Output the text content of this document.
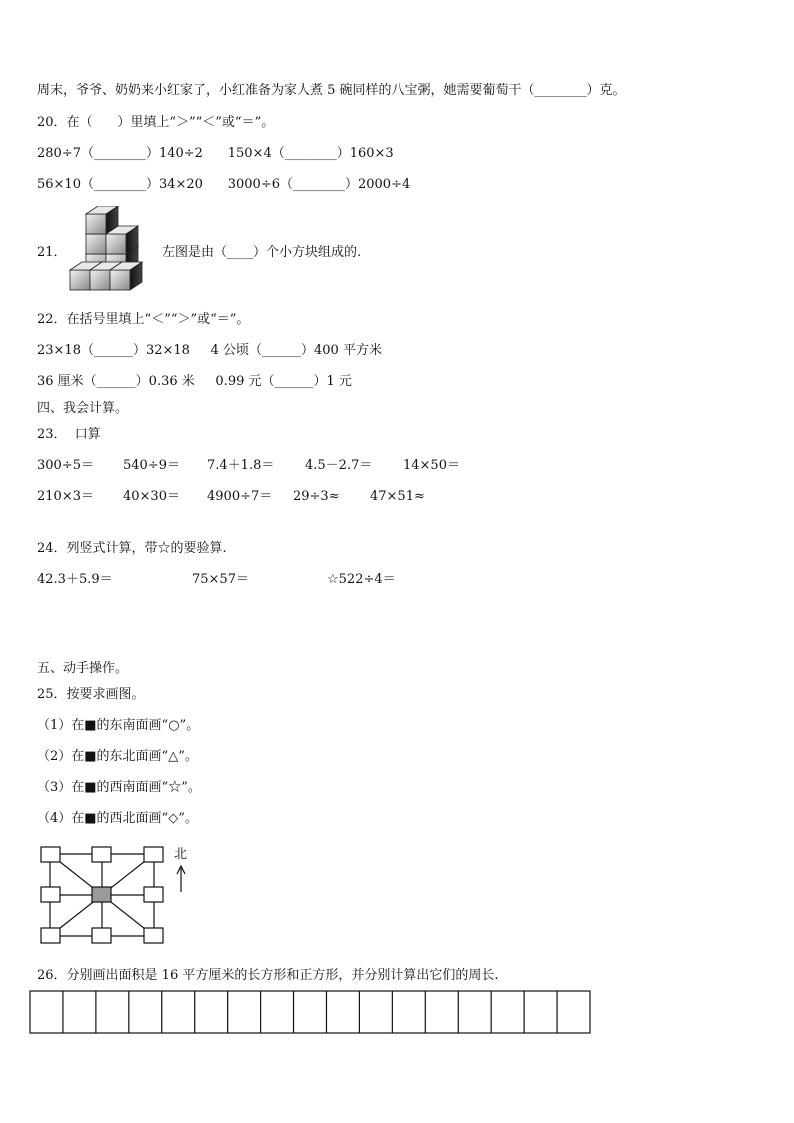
周末，爷爷、奶奶来小红家了，小红准备为家人煮 5 碗同样的八宝粥，她需要葡萄干（________）克。
20．在（      ）里填上“＞”“＜”或“＝”。
280÷7（________）140÷2      150×4（________）160×3
56×10（________）34×20      3000÷6（________）2000÷4
21．	左图是由（____）个小方块组成的.
22．在括号里填上“＜”“＞”或“＝”。
23×18（______）32×18     4 公顷（______）400 平方米
36 厘米（______）0.36 米     0.99 元（______）1 元
四、我会计算。
23．  口算
300÷5＝ 540÷9＝ 7.4＋1.8＝ 4.5－2.7＝ 14×50＝
210×3＝ 40×30＝ 4900÷7＝ 29÷3≈ 47×51≈
24．列竖式计算，带☆的要验算.
42.3＋5.9＝	75×57＝	☆522÷4＝
五、动手操作。
25．按要求画图。
（1）在■的东南面画“○”。
（2）在■的东北面画“△”。
（3）在■的西南面画“☆”。
（4）在■的西北面画“◇”。
北
26．分别画出面积是 16 平方厘米的长方形和正方形，并分别计算出它们的周长.
